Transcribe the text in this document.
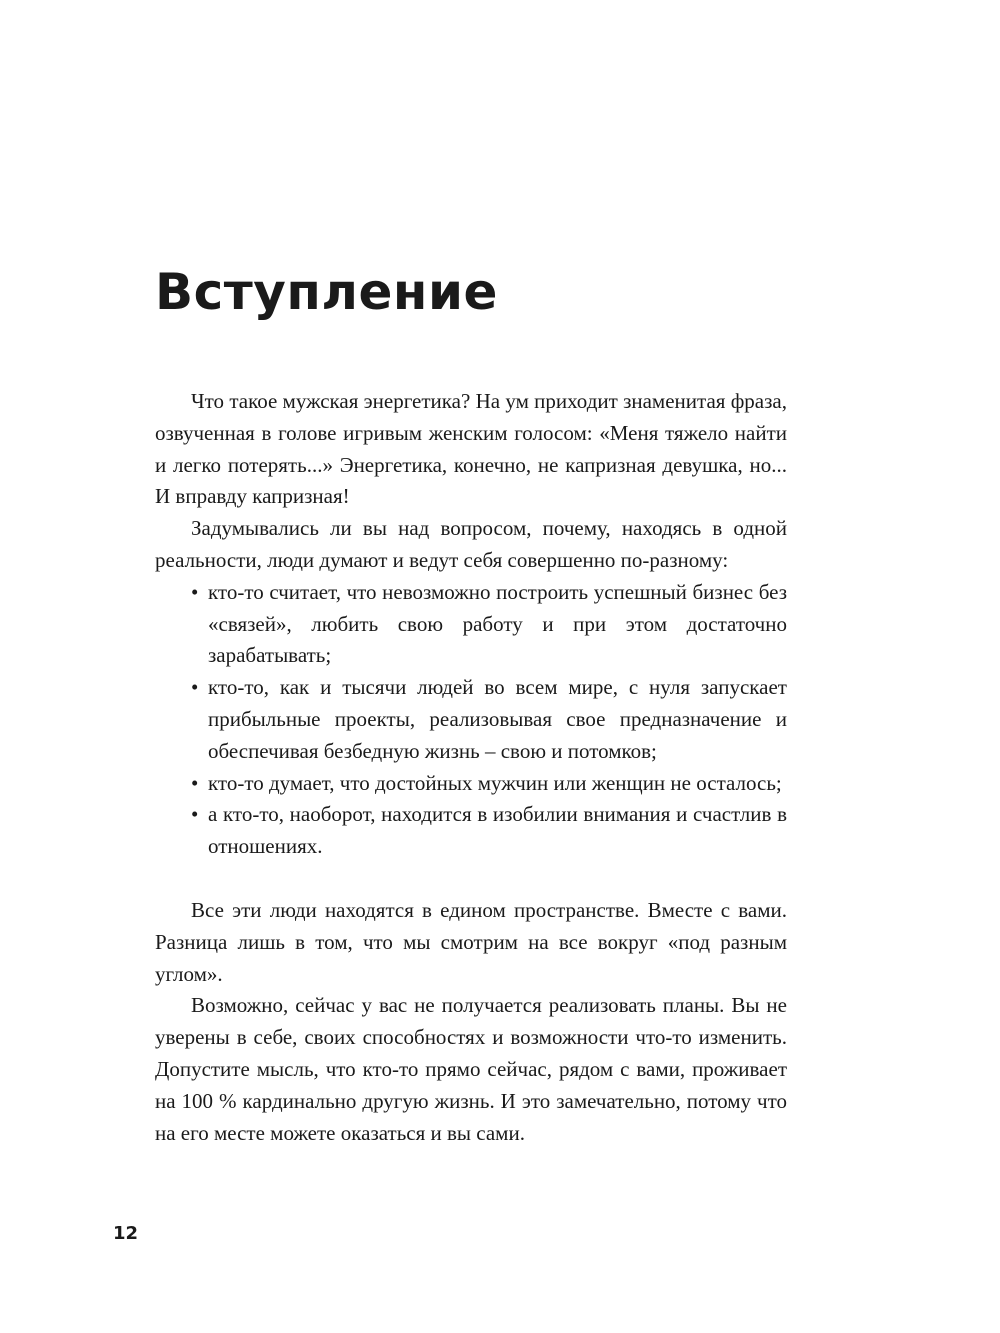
Вступление

Что такое мужская энергетика? На ум приходит знаменитая фраза, озвученная в голове игривым женским голосом: «Меня тяжело найти и легко потерять...» Энергетика, конечно, не капризная девушка, но... И вправду капризная!

Задумывались ли вы над вопросом, почему, находясь в одной реальности, люди думают и ведут себя совершенно по-разному:

• кто-то считает, что невозможно построить успешный бизнес без «связей», любить свою работу и при этом достаточно зарабатывать;
• кто-то, как и тысячи людей во всем мире, с нуля запускает прибыльные проекты, реализовывая свое предназначение и обеспечивая безбедную жизнь – свою и потомков;
• кто-то думает, что достойных мужчин или женщин не осталось;
• а кто-то, наоборот, находится в изобилии внимания и счастлив в отношениях.

Все эти люди находятся в едином пространстве. Вместе с вами. Разница лишь в том, что мы смотрим на все вокруг «под разным углом».

Возможно, сейчас у вас не получается реализовать планы. Вы не уверены в себе, своих способностях и возможности что-то изменить. Допустите мысль, что кто-то прямо сейчас, рядом с вами, проживает на 100 % кардинально другую жизнь. И это замечательно, потому что на его месте можете оказаться и вы сами.

12
